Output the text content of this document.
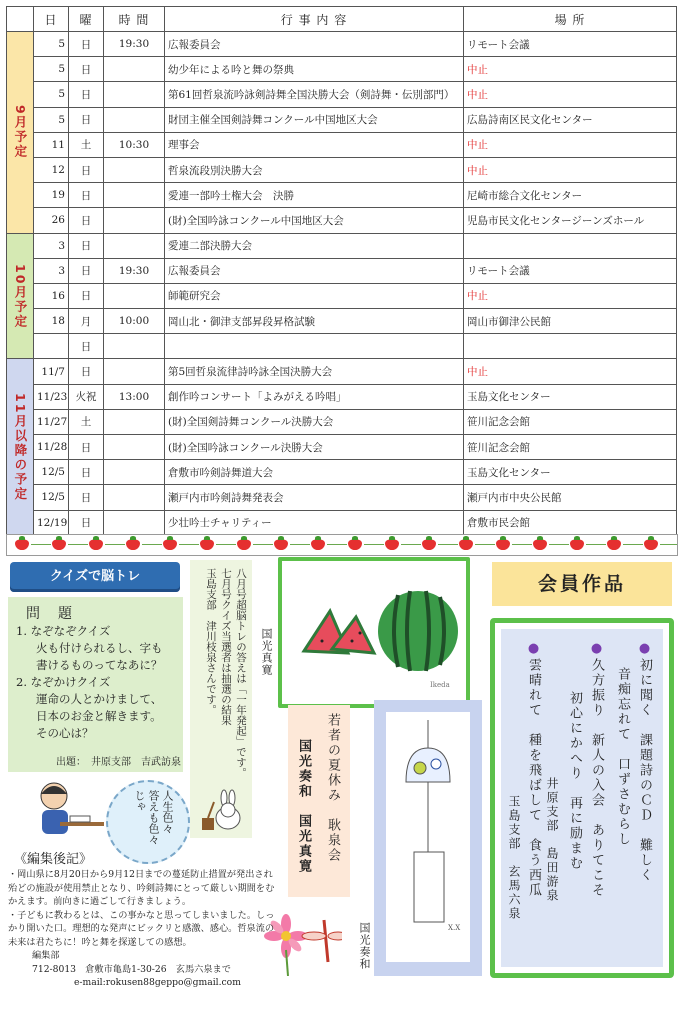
	日	曜	時 間	行 事 内 容	場 所

9月予定	5	日	19:30	広報委員会	リモート会議
	5	日		幼少年による吟と舞の祭典	中止
	5	日		第61回哲泉流吟詠剣詩舞全国決勝大会（剣詩舞・伝別部門）	中止
	5	日		財団主催全国剣詩舞コンクール中国地区大会	広島詩南区民文化センター
	11	土	10:30	理事会	中止
	12	日		哲泉流段別決勝大会	中止
	19	日		愛連一部吟士権大会　決勝	尼崎市総合文化センター
	26	日		(財)全国吟詠コンクール中国地区大会	児島市民文化センタージーンズホール

10月予定	3	日		愛連二部決勝大会	
	3	日	19:30	広報委員会	リモート会議
	16	日		師範研究会	中止
	18	月	10:00	岡山北・御津支部昇段昇格試験	岡山市御津公民館
		日			

11月以降の予定	11/7	日		第5回哲泉流律詩吟詠全国決勝大会	中止
	11/23	火祝	13:00	創作吟コンサート「よみがえる吟唱」	玉島文化センター
	11/27	土		(財)全国剣詩舞コンクール決勝大会	笹川記念会館
	11/28	日		(財)全国吟詠コンクール決勝大会	笹川記念会館
	12/5	日		倉敷市吟剣詩舞道大会	玉島文化センター
	12/5	日		瀬戸内市吟剣詩舞発表会	瀬戸内市中央公民館
	12/19	日		少壮吟士チャリティー	倉敷市民会館
クイズで脳トレ
問　題
1. なぞなぞクイズ
火も付けられるし、字も
書けるものってなあに？
2. なぞかけクイズ
運命の人とかけまして、
日本のお金と解きます。
その心は？
出題：　井原支部　吉武訪泉	八月号超脳トレの答えは「一年発起」です。
七月号クイズ当選者は抽選の結果
玉島支部　津川枝泉さんです。	Ikeda
国光真寛
若者の夏休み　耿泉会
国光奏和　国光真寛
X.X
国光奏和
会員作品
●初に聞く　課題詩のＣＤ　難しく
音痴忘れて　口ずさむらし
●久方振り　新人の入会　ありてこそ
初心にかへり　再に励まむ
井原支部　島田游泉
●雲晴れて　種を飛ばして　食う西瓜
玉島支部　玄馬六泉
人生色々
答えも色々
じゃ
《編集後記》
・岡山県に8月20日から9月12日までの蔓延防止措置が発出され殆どの施設が使用禁止となり、吟剣詩舞にとって厳しい期間をむかえます。前向きに過ごして行きましょう。
・子どもに教わるとは、この事かなと思ってしまいました。しっかり開いた口。理想的な発声にビックリと感激、感心。哲泉流の未来は君たちに！吟と舞を探遂しての感想。
編集部
712-8013　倉敷市亀島1-30-26　玄馬六泉まで
e-mail:rokusen88geppo@gmail.com
